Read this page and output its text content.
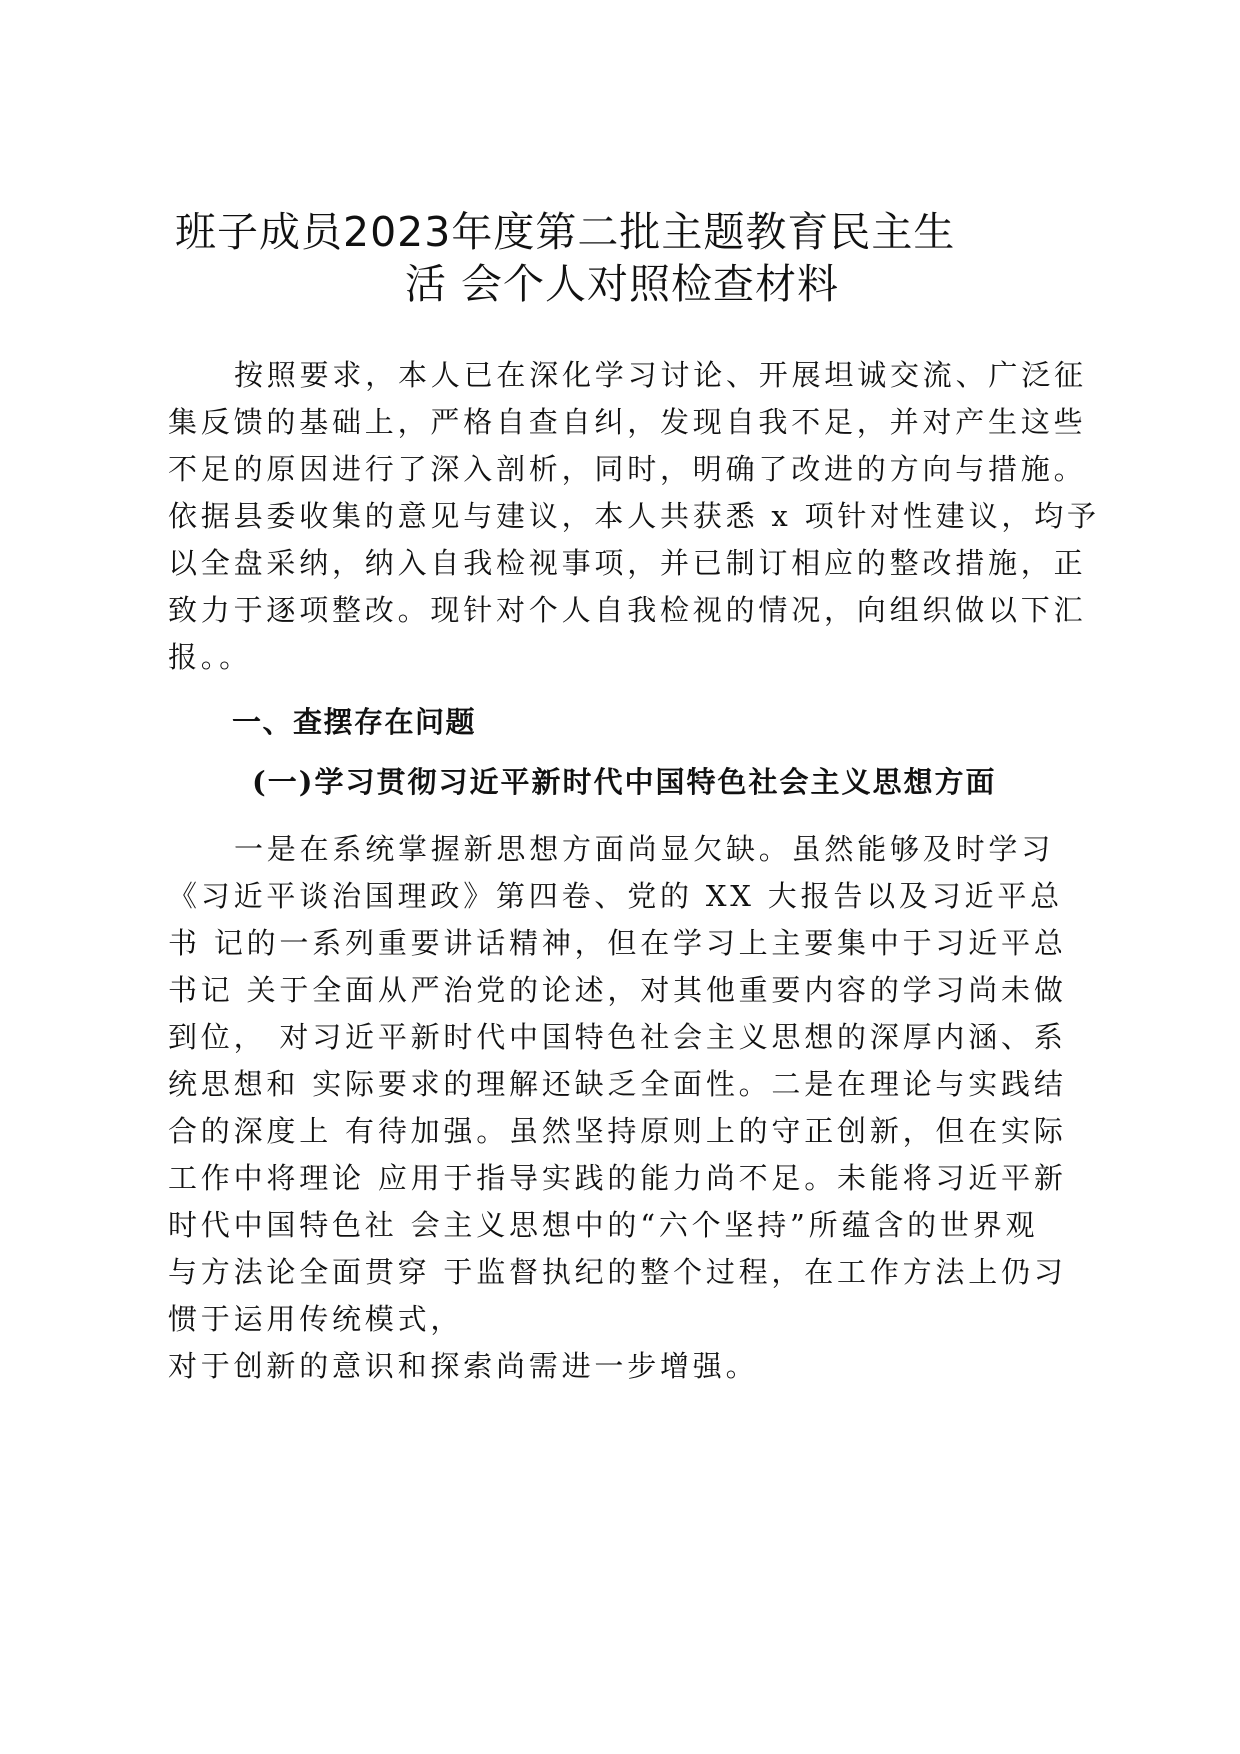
班子成员2023年度第二批主题教育民主生
活 会个人对照检查材料
按照要求，本人已在深化学习讨论、开展坦诚交流、广泛征
集反馈的基础上，严格自查自纠，发现自我不足，并对产生这些
不足的原因进行了深入剖析，同时，明确了改进的方向与措施。
依据县委收集的意见与建议，本人共获悉 x 项针对性建议，均予
以全盘采纳，纳入自我检视事项，并已制订相应的整改措施，正
致力于逐项整改。现针对个人自我检视的情况，向组织做以下汇
报。。
一、查摆存在问题
(一)学习贯彻习近平新时代中国特色社会主义思想方面
一是在系统掌握新思想方面尚显欠缺。虽然能够及时学习
《习近平谈治国理政》第四卷、党的 XX 大报告以及习近平总
书 记的一系列重要讲话精神，但在学习上主要集中于习近平总
书记 关于全面从严治党的论述，对其他重要内容的学习尚未做
到位， 对习近平新时代中国特色社会主义思想的深厚内涵、系
统思想和 实际要求的理解还缺乏全面性。二是在理论与实践结
合的深度上 有待加强。虽然坚持原则上的守正创新，但在实际
工作中将理论 应用于指导实践的能力尚不足。未能将习近平新
时代中国特色社 会主义思想中的“六个坚持”所蕴含的世界观
与方法论全面贯穿 于监督执纪的整个过程，在工作方法上仍习
惯于运用传统模式，
对于创新的意识和探索尚需进一步增强。
